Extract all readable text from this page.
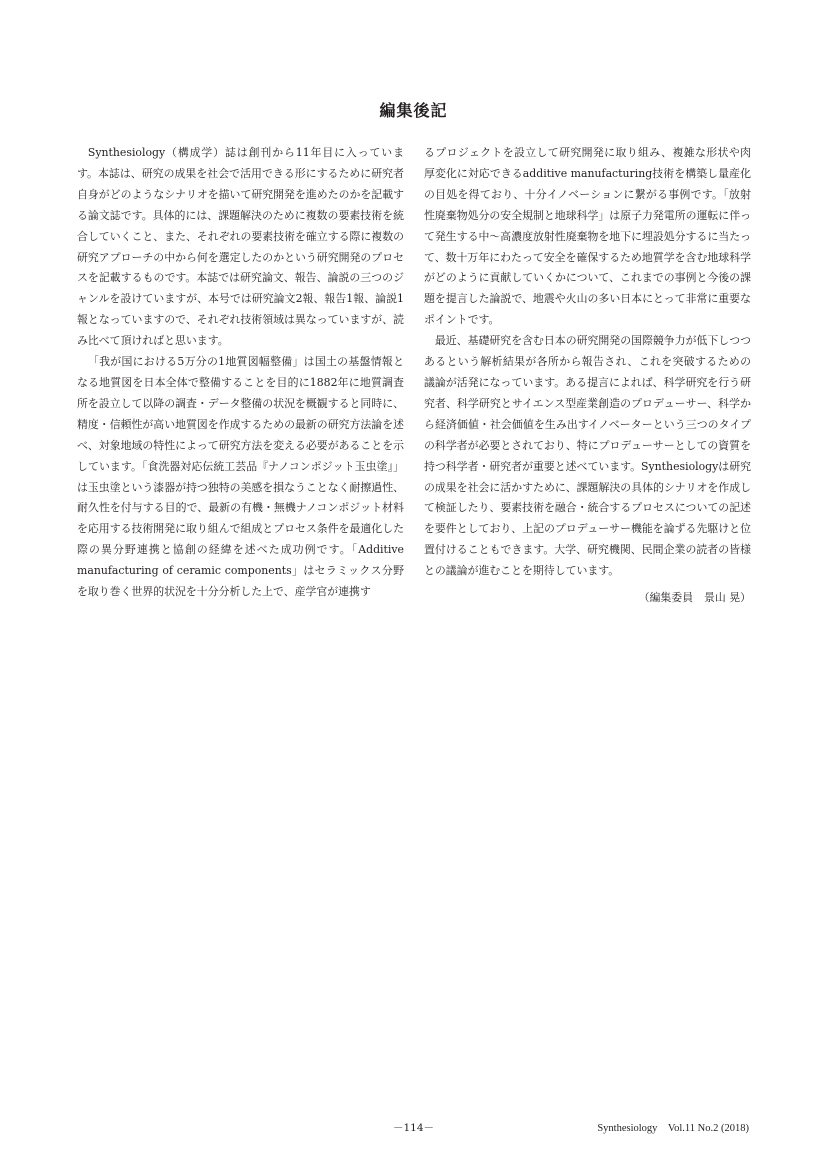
編集後記

Synthesiology（構成学）誌は創刊から11年目に入っています。本誌は、研究の成果を社会で活用できる形にするために研究者自身がどのようなシナリオを描いて研究開発を進めたのかを記載する論文誌です。具体的には、課題解決のために複数の要素技術を統合していくこと、また、それぞれの要素技術を確立する際に複数の研究アプローチの中から何を選定したのかという研究開発のプロセスを記載するものです。本誌では研究論文、報告、論説の三つのジャンルを設けていますが、本号では研究論文2報、報告1報、論説1報となっていますので、それぞれ技術領域は異なっていますが、読み比べて頂ければと思います。

「我が国における5万分の1地質図幅整備」は国土の基盤情報となる地質図を日本全体で整備することを目的に1882年に地質調査所を設立して以降の調査・データ整備の状況を概観すると同時に、精度・信頼性が高い地質図を作成するための最新の研究方法論を述べ、対象地域の特性によって研究方法を変える必要があることを示しています。「食洗器対応伝統工芸品『ナノコンポジット玉虫塗』」は玉虫塗という漆器が持つ独特の美感を損なうことなく耐擦過性、耐久性を付与する目的で、最新の有機・無機ナノコンポジット材料を応用する技術開発に取り組んで組成とプロセス条件を最適化した際の異分野連携と協創の経緯を述べた成功例です。「Additive manufacturing of ceramic components」はセラミックス分野を取り巻く世界的状況を十分分析した上で、産学官が連携す

るプロジェクトを設立して研究開発に取り組み、複雑な形状や肉厚変化に対応できるadditive manufacturing技術を構築し量産化の目処を得ており、十分イノベーションに繋がる事例です。「放射性廃棄物処分の安全規制と地球科学」は原子力発電所の運転に伴って発生する中～高濃度放射性廃棄物を地下に埋設処分するに当たって、数十万年にわたって安全を確保するため地質学を含む地球科学がどのように貢献していくかについて、これまでの事例と今後の課題を提言した論説で、地震や火山の多い日本にとって非常に重要なポイントです。

最近、基礎研究を含む日本の研究開発の国際競争力が低下しつつあるという解析結果が各所から報告され、これを突破するための議論が活発になっています。ある提言によれば、科学研究を行う研究者、科学研究とサイエンス型産業創造のプロデューサー、科学から経済価値・社会価値を生み出すイノベーターという三つのタイプの科学者が必要とされており、特にプロデューサーとしての資質を持つ科学者・研究者が重要と述べています。Synthesiologyは研究の成果を社会に活かすために、課題解決の具体的シナリオを作成して検証したり、要素技術を融合・統合するプロセスについての記述を要件としており、上記のプロデューサー機能を論ずる先駆けと位置付けることもできます。大学、研究機関、民間企業の読者の皆様との議論が進むことを期待しています。

（編集委員　景山 晃）
－114－	Synthesiology　Vol.11 No.2 (2018)
